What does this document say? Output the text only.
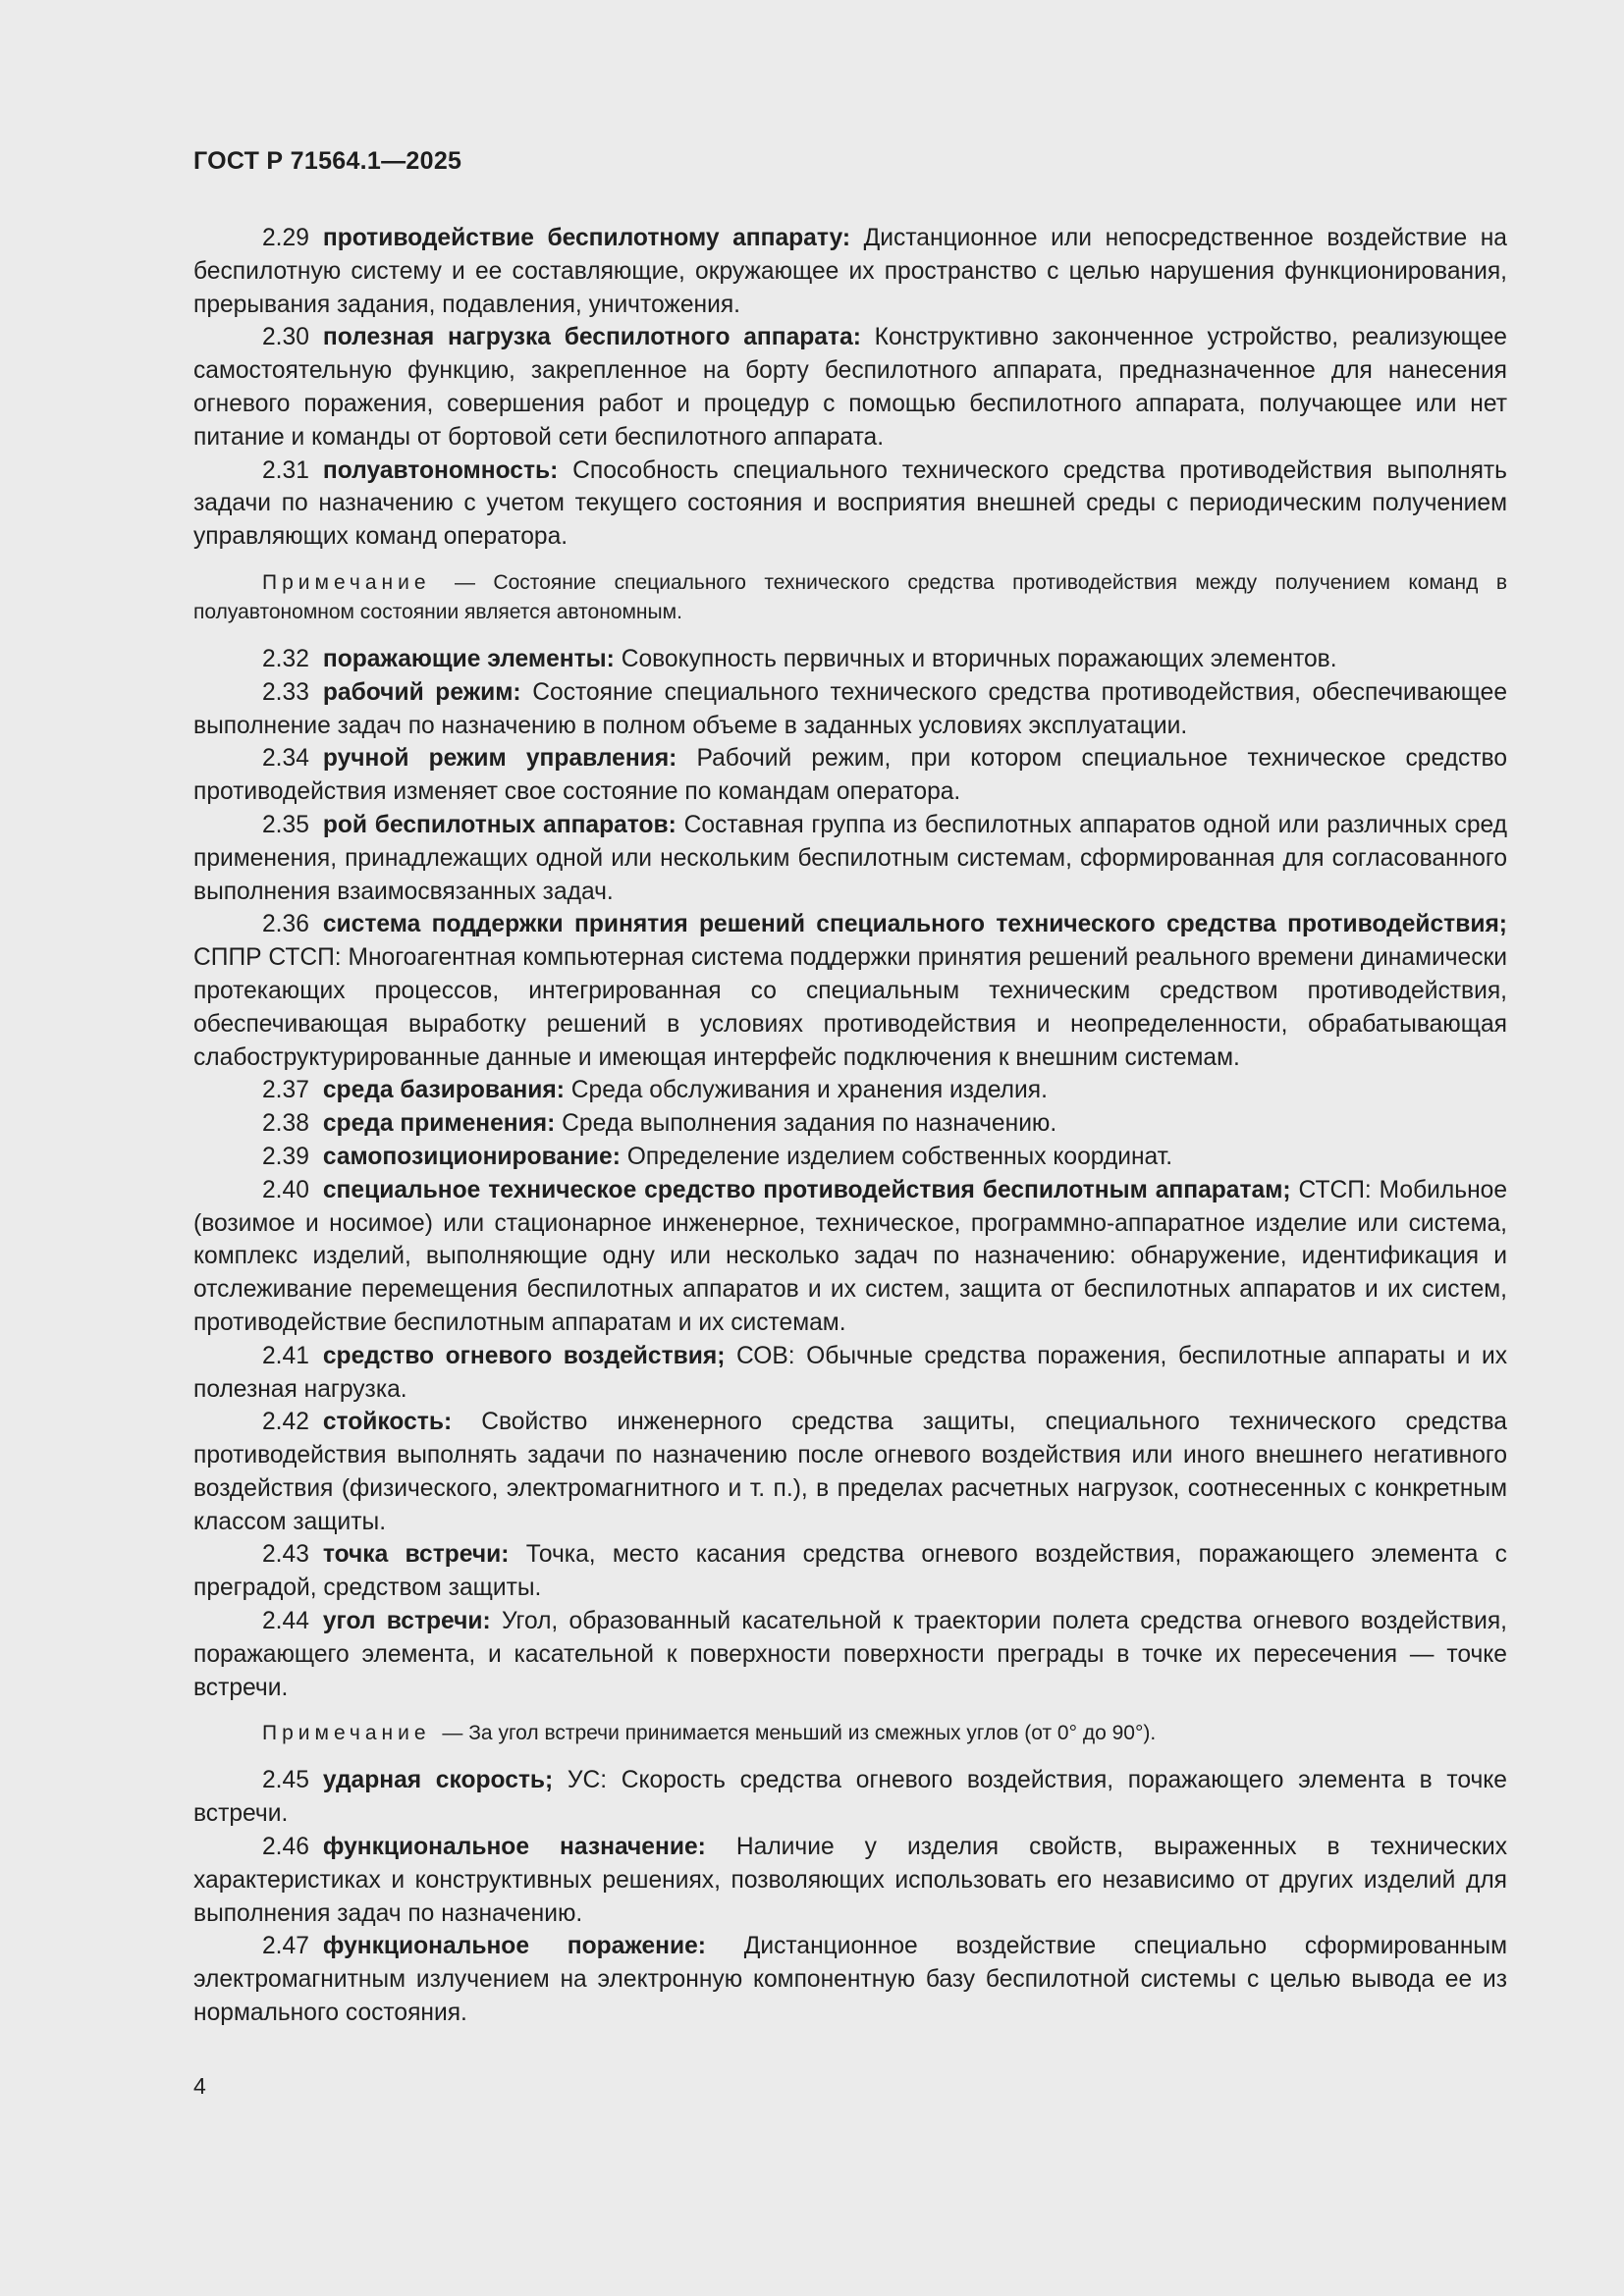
ГОСТ Р 71564.1—2025

2.29 противодействие беспилотному аппарату: Дистанционное или непосредственное воздействие на беспилотную систему и ее составляющие, окружающее их пространство с целью нарушения функционирования, прерывания задания, подавления, уничтожения.

2.30 полезная нагрузка беспилотного аппарата: Конструктивно законченное устройство, реализующее самостоятельную функцию, закрепленное на борту беспилотного аппарата, предназначенное для нанесения огневого поражения, совершения работ и процедур с помощью беспилотного аппарата, получающее или нет питание и команды от бортовой сети беспилотного аппарата.

2.31 полуавтономность: Способность специального технического средства противодействия выполнять задачи по назначению с учетом текущего состояния и восприятия внешней среды с периодическим получением управляющих команд оператора.

Примечание — Состояние специального технического средства противодействия между получением команд в полуавтономном состоянии является автономным.

2.32 поражающие элементы: Совокупность первичных и вторичных поражающих элементов.

2.33 рабочий режим: Состояние специального технического средства противодействия, обеспечивающее выполнение задач по назначению в полном объеме в заданных условиях эксплуатации.

2.34 ручной режим управления: Рабочий режим, при котором специальное техническое средство противодействия изменяет свое состояние по командам оператора.

2.35 рой беспилотных аппаратов: Составная группа из беспилотных аппаратов одной или различных сред применения, принадлежащих одной или нескольким беспилотным системам, сформированная для согласованного выполнения взаимосвязанных задач.

2.36 система поддержки принятия решений специального технического средства противодействия; СППР СТСП: Многоагентная компьютерная система поддержки принятия решений реального времени динамически протекающих процессов, интегрированная со специальным техническим средством противодействия, обеспечивающая выработку решений в условиях противодействия и неопределенности, обрабатывающая слабоструктурированные данные и имеющая интерфейс подключения к внешним системам.

2.37 среда базирования: Среда обслуживания и хранения изделия.

2.38 среда применения: Среда выполнения задания по назначению.

2.39 самопозиционирование: Определение изделием собственных координат.

2.40 специальное техническое средство противодействия беспилотным аппаратам; СТСП: Мобильное (возимое и носимое) или стационарное инженерное, техническое, программно-аппаратное изделие или система, комплекс изделий, выполняющие одну или несколько задач по назначению: обнаружение, идентификация и отслеживание перемещения беспилотных аппаратов и их систем, защита от беспилотных аппаратов и их систем, противодействие беспилотным аппаратам и их системам.

2.41 средство огневого воздействия; СОВ: Обычные средства поражения, беспилотные аппараты и их полезная нагрузка.

2.42 стойкость: Свойство инженерного средства защиты, специального технического средства противодействия выполнять задачи по назначению после огневого воздействия или иного внешнего негативного воздействия (физического, электромагнитного и т. п.), в пределах расчетных нагрузок, соотнесенных с конкретным классом защиты.

2.43 точка встречи: Точка, место касания средства огневого воздействия, поражающего элемента с преградой, средством защиты.

2.44 угол встречи: Угол, образованный касательной к траектории полета средства огневого воздействия, поражающего элемента, и касательной к поверхности поверхности преграды в точке их пересечения — точке встречи.

Примечание — За угол встречи принимается меньший из смежных углов (от 0° до 90°).

2.45 ударная скорость; УС: Скорость средства огневого воздействия, поражающего элемента в точке встречи.

2.46 функциональное назначение: Наличие у изделия свойств, выраженных в технических характеристиках и конструктивных решениях, позволяющих использовать его независимо от других изделий для выполнения задач по назначению.

2.47 функциональное поражение: Дистанционное воздействие специально сформированным электромагнитным излучением на электронную компонентную базу беспилотной системы с целью вывода ее из нормального состояния.

4
